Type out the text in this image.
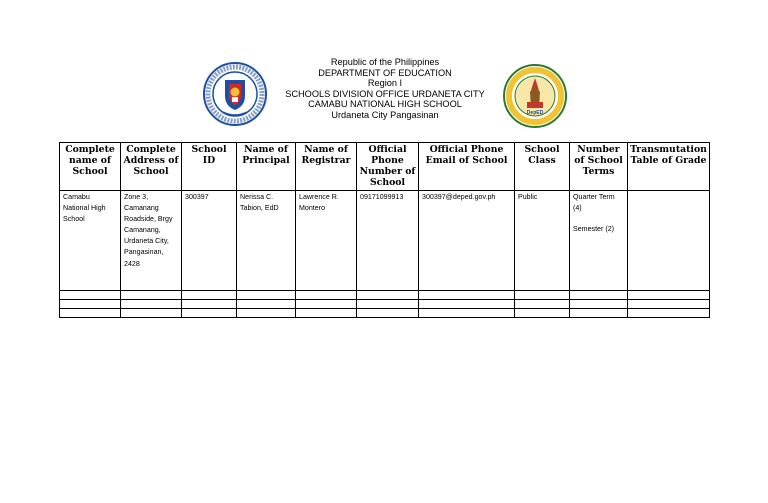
DepED
Republic of the Philippines
DEPARTMENT OF EDUCATION
Region I
SCHOOLS DIVISION OFFICE URDANETA CITY
CAMABU NATIONAL HIGH SCHOOL
Urdaneta City Pangasinan
Complete name of School	Complete Address of School	School ID	Name of Principal	Name of Registrar	Official Phone Number of School	Official Phone Email of School	School Class	Number of School Terms	Transmutation Table of Grade

Camabu National High School	Zone 3, Camanang Roadside, Brgy Camanang, Urdaneta City, Pangasinan, 2428	300397	Nerissa C. Tabion, EdD	Lawrence R. Montero	09171099913	300397@deped.gov.ph	Public	Quarter Term (4)
Semester (2)	
